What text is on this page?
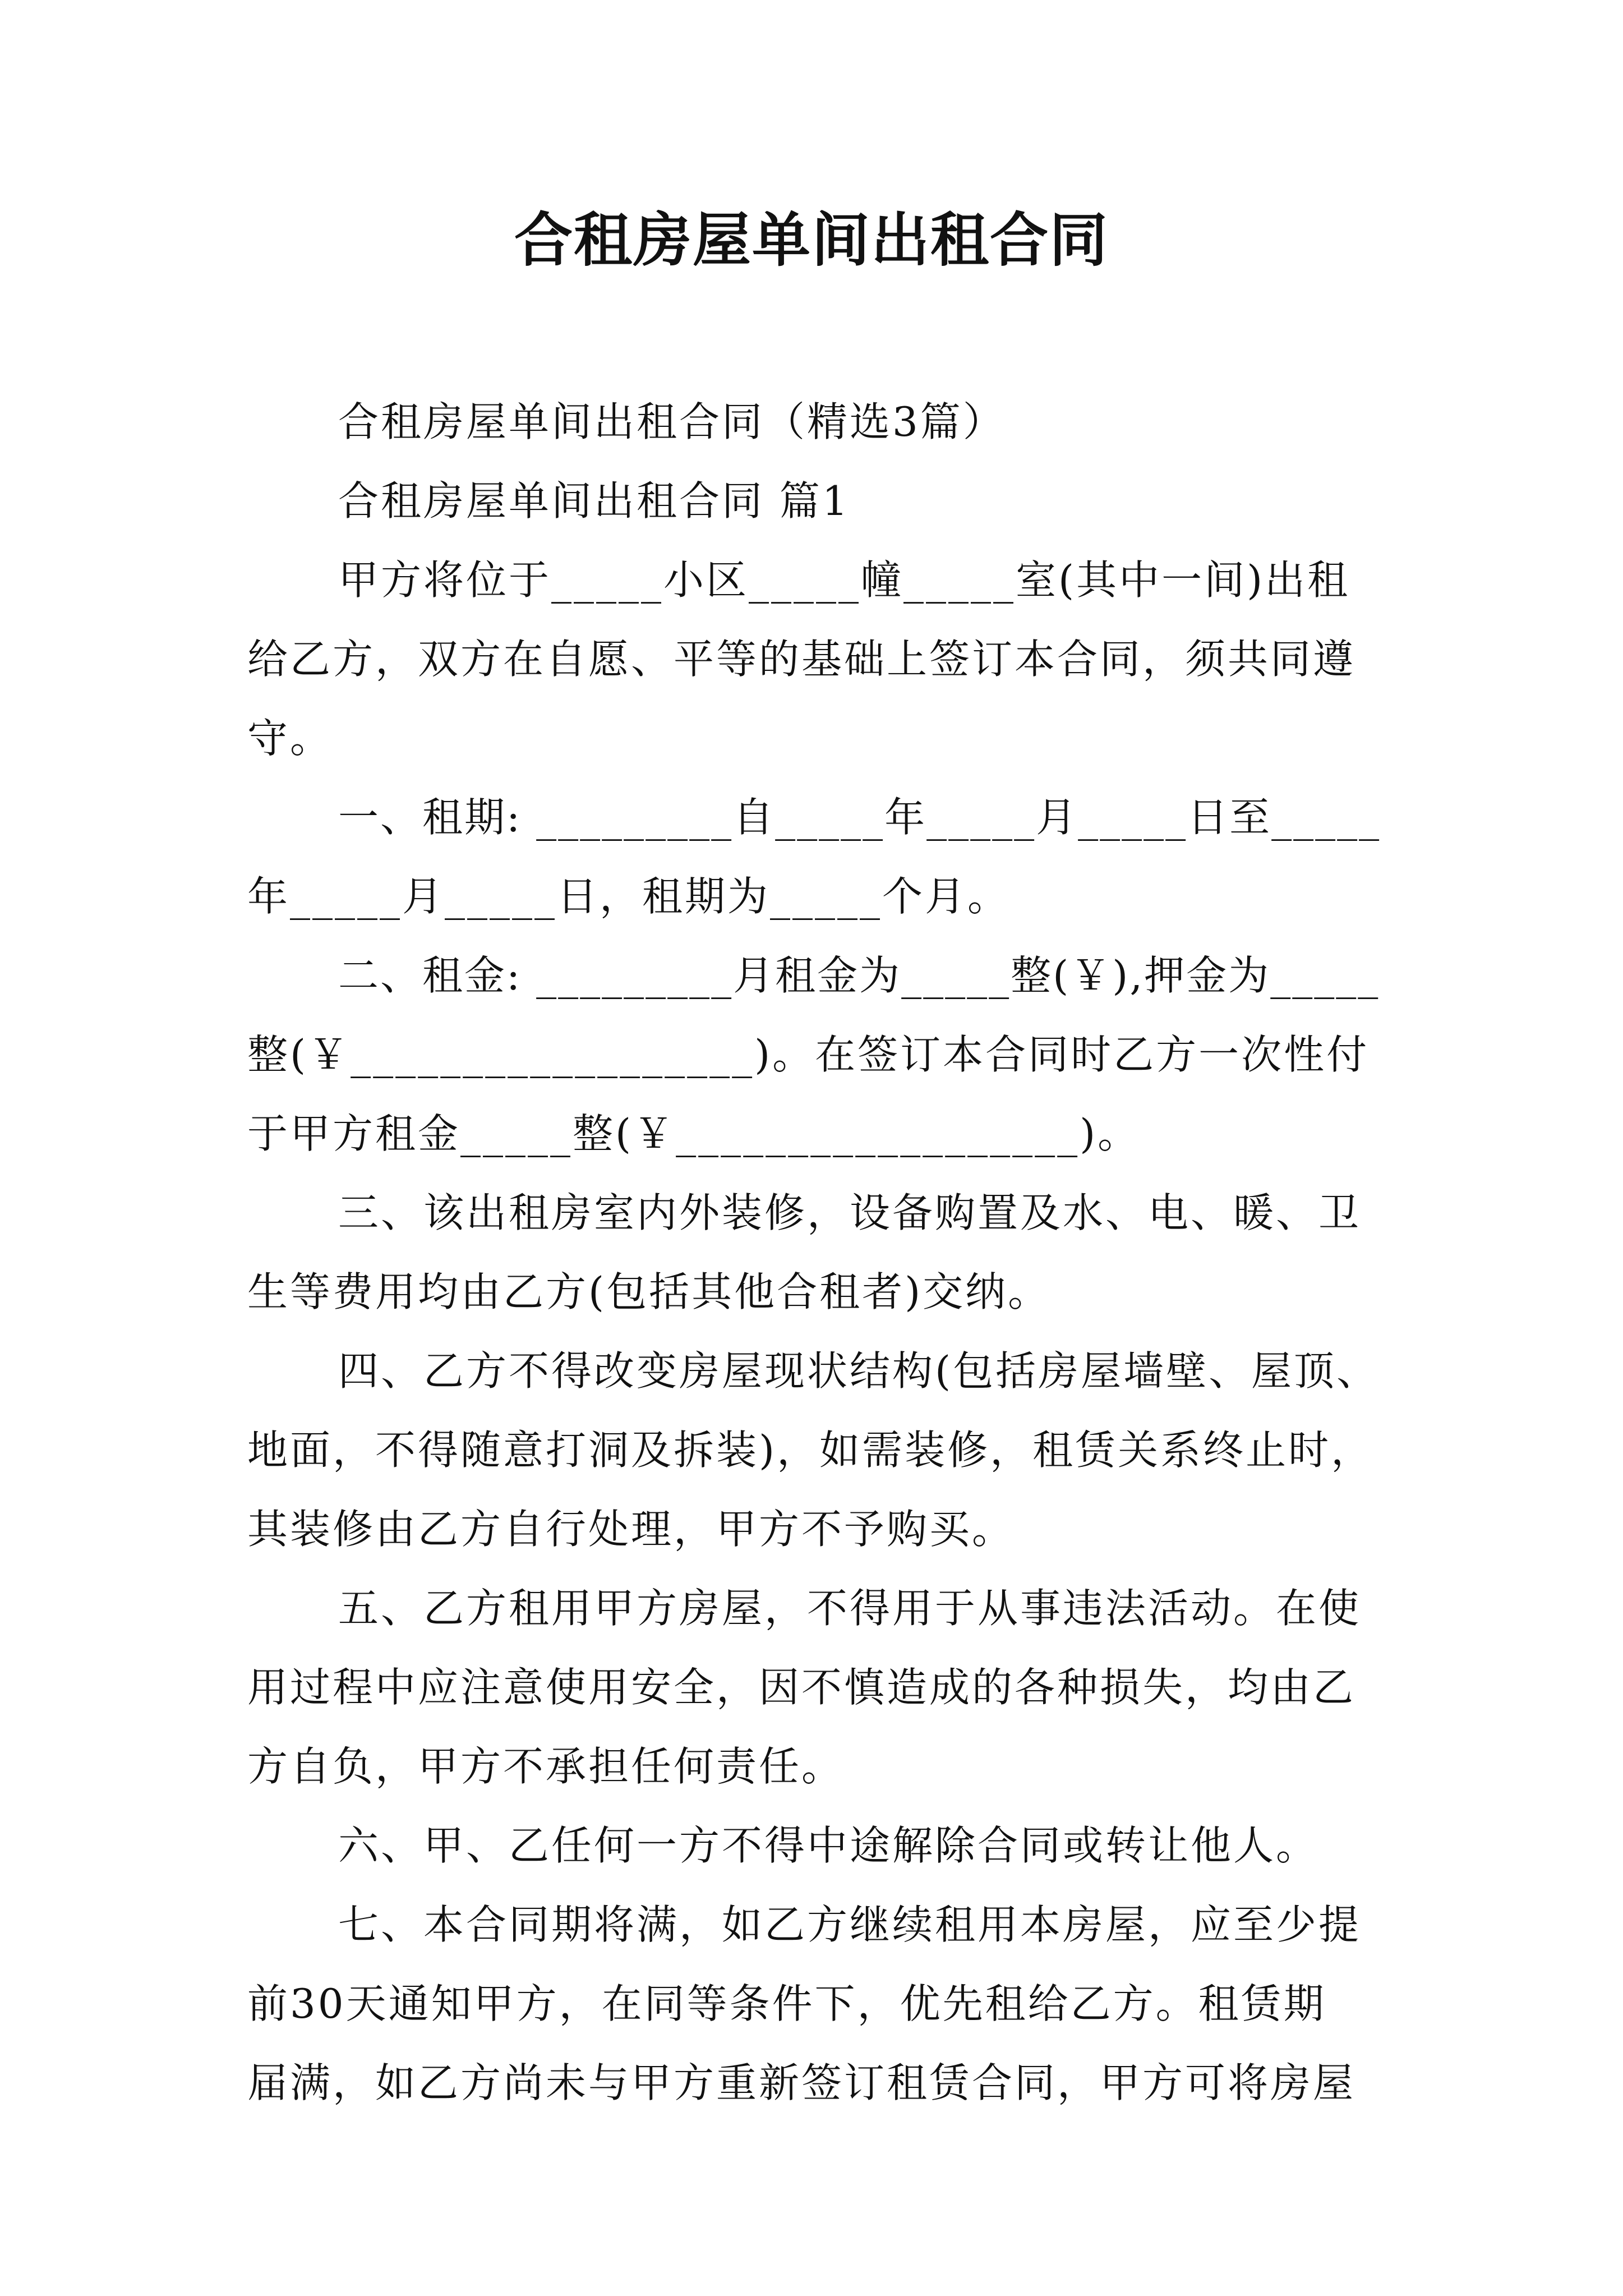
合租房屋单间出租合同
合租房屋单间出租合同（精选3篇）
合租房屋单间出租合同 篇1
甲方将位于_____小区_____幢_____室(其中一间)出租
给乙方，双方在自愿、平等的基础上签订本合同，须共同遵
守。
一、租期: _________自_____年_____月_____日至_____
年_____月_____日，租期为_____个月。
二、租金: _________月租金为_____整(￥),押金为_____
整(￥__________________)。在签订本合同时乙方一次性付
于甲方租金_____整(￥__________________)。
三、该出租房室内外装修，设备购置及水、电、暖、卫
生等费用均由乙方(包括其他合租者)交纳。
四、乙方不得改变房屋现状结构(包括房屋墙壁、屋顶、
地面，不得随意打洞及拆装)，如需装修，租赁关系终止时，
其装修由乙方自行处理，甲方不予购买。
五、乙方租用甲方房屋，不得用于从事违法活动。在使
用过程中应注意使用安全，因不慎造成的各种损失，均由乙
方自负，甲方不承担任何责任。
六、甲、乙任何一方不得中途解除合同或转让他人。
七、本合同期将满，如乙方继续租用本房屋，应至少提
前30天通知甲方，在同等条件下，优先租给乙方。租赁期
届满，如乙方尚未与甲方重新签订租赁合同，甲方可将房屋
